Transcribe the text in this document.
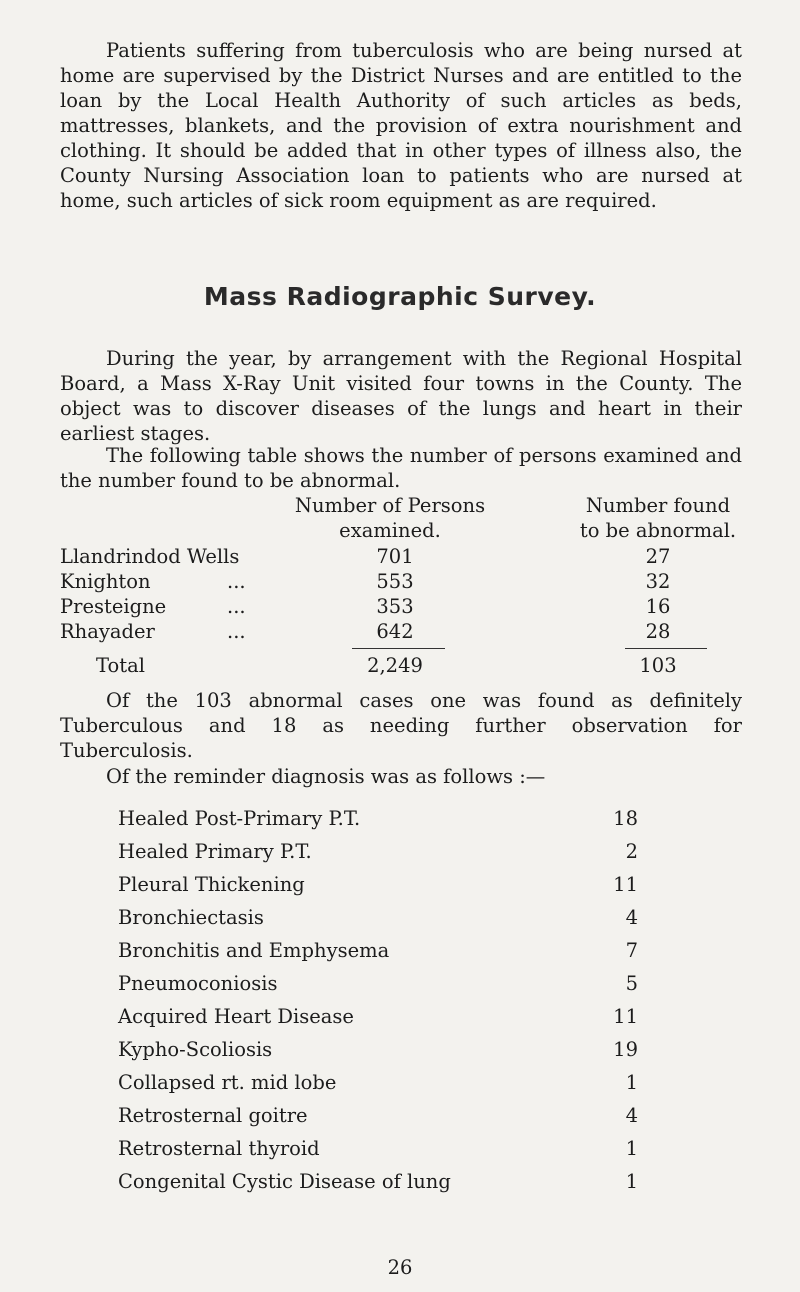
Patients suffering from tuberculosis who are being nursed at home are supervised by the District Nurses and are entitled to the loan by the Local Health Authority of such articles as beds, mattresses, blankets, and the provision of extra nourishment and clothing. It should be added that in other types of illness also, the County Nursing Association loan to patients who are nursed at home, such articles of sick room equipment as are required.

Mass Radiographic Survey.

During the year, by arrangement with the Regional Hospital Board, a Mass X-Ray Unit visited four towns in the County. The object was to discover diseases of the lungs and heart in their earliest stages.

The following table shows the number of persons examined and the number found to be abnormal.

Number of Persons
examined.
Number found
to be abnormal.
Llandrindod Wells	701	27
Knighton	...	553	32
Presteigne	...	353	16
Rhayader	...	642	28
Total	2,249	103

Of the 103 abnormal cases one was found as definitely Tuberculous and 18 as needing further observation for Tuberculosis.

Of the reminder diagnosis was as follows :—

Healed Post-Primary P.T.	18
Healed Primary P.T.	2
Pleural Thickening	11
Bronchiectasis	4
Bronchitis and Emphysema	7
Pneumoconiosis	5
Acquired Heart Disease	11
Kypho-Scoliosis	19
Collapsed rt. mid lobe	1
Retrosternal goitre	4
Retrosternal thyroid	1
Congenital Cystic Disease of lung	1

26
